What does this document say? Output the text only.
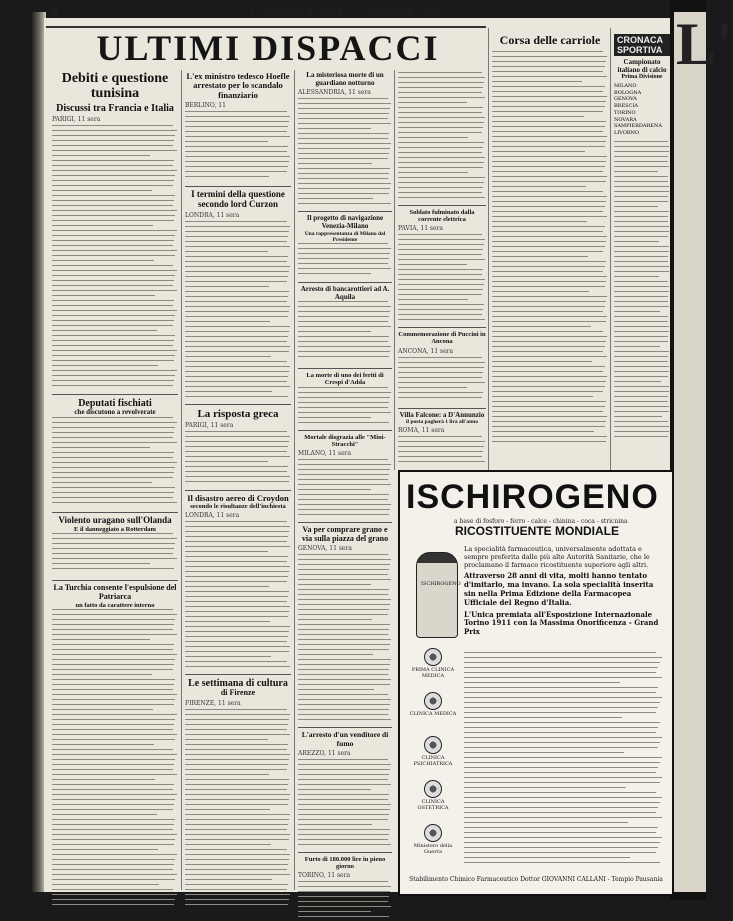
L'
6	L'Avvenire d'Italia - 12 Febbraio 1925
ULTIMI DISPACCI
Debiti e questione tunisina
Discussi tra Francia e Italia
PARIGI, 11 sera
Deputati fischiati
che discutono a revolverate
Violento uragano sull'Olanda
E il danneggiato a Rotterdam
La Turchia consente l'espulsione del Patriarca
un fatto da carattere interno
L'ex ministro tedesco Hoefle arrestato per lo scandalo finanziario
BERLINO, 11
I termini della questione secondo lord Curzon
LONDRA, 11 sera
La risposta greca
PARIGI, 11 sera
Il disastro aereo di Croydon
secondo le risultanze dell'inchiesta
LONDRA, 11 sera
Le settimana di cultura
di Firenze
FIRENZE, 11 sera
La misteriosa morte di un guardiano notturno
ALESSANDRIA, 11 sera
Il progetto di navigazione Venezia-Milano
Una rappresentanza di Milano dal Presidente
Arresto di bancarottieri ad A. Aquila
La morte di uno dei feriti di Crespi d'Adda
Mortale disgrazia alle "Mini-Stracchi"
MILANO, 11 sera
Va per comprare grano e via sulla piazza del grano
GENOVA, 11 sera
L'arresto d'un venditore di fumo
AREZZO, 11 sera
Furto di 180.000 lire in pieno giorno
TORINO, 11 sera
Corsa delle carriole
Soldato fulminato dalla corrente elettrica
PAVIA, 11 sera
Commemorazione di Puccini in Ancona
ANCONA, 11 sera
Villa Falcone: a D'Annunzio
il poeta pagherà 1 lira all'anno
ROMA, 11 sera
CRONACA SPORTIVA
Campionato italiano di calcio
Prima Divisione
MILANO
BOLOGNA
GENOVA
BRESCIA
TORINO
NOVARA
SAMPIERDARENA
LIVORNO
ISCHIROGENO
a base di fosforo - ferro - calce - chinina - coca - stricnina
RICOSTITUENTE MONDIALE
ISCHIROGENO
La specialità farmaceutica, universalmente adottata e sempre preferita dalle più alte Autorità Sanitarie, che le proclamano il farmaco ricostituente superiore agli altri.
Attraverso 28 anni di vita, molti hanno tentato d'imitarlo, ma invano. La sola specialità inserita sin nella Prima Edizione della Farmacopea Ufficiale del Regno d'Italia.
L'Unica premiata all'Esposizione Internazionale Torino 1911 con la Massima Onorificenza - Grand Prix
PRIMA CLINICA MEDICA
CLINICA MEDICA
CLINICA PSICHIATRICA
CLINICA OSTETRICA
Ministero della Guerra
Stabilimento Chimico Farmaceutico Dottor GIOVANNI CALLANI - Tempio Pausania
